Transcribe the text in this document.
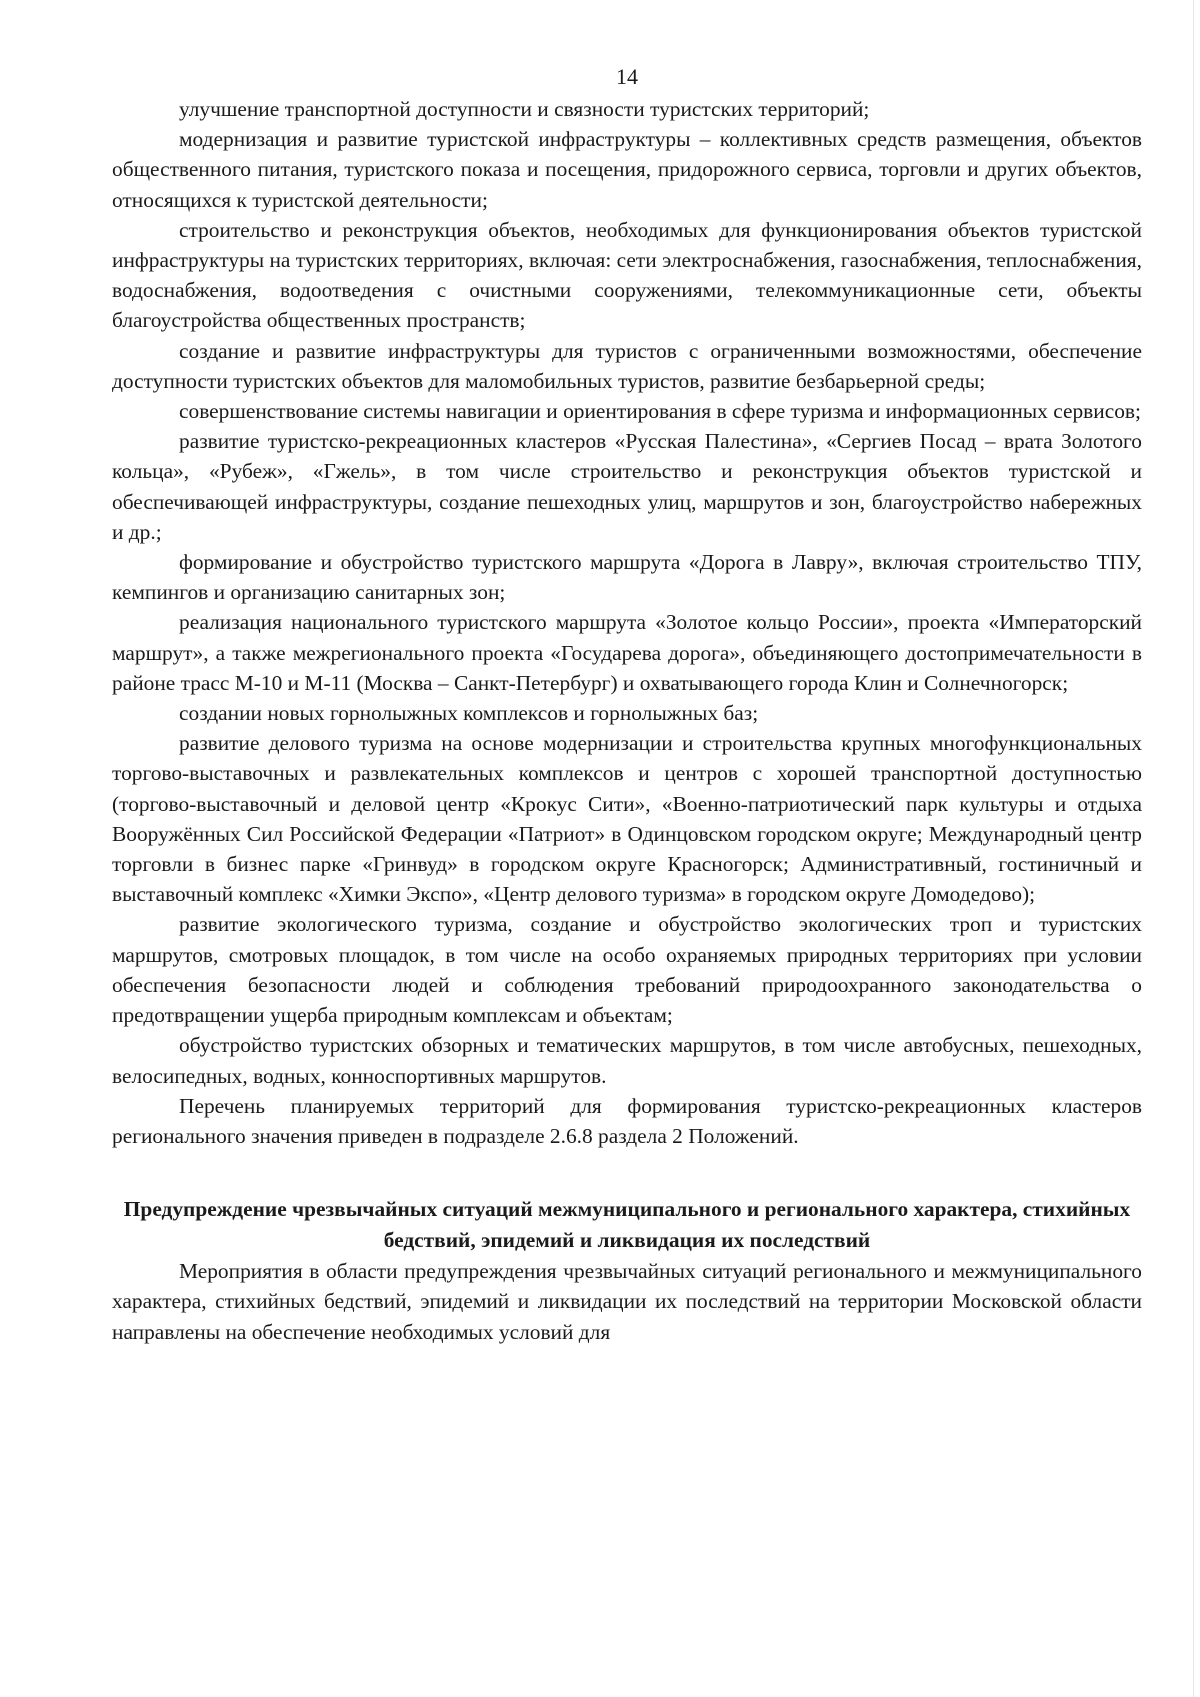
14

улучшение транспортной доступности и связности туристских территорий;

модернизация и развитие туристской инфраструктуры – коллективных средств размещения, объектов общественного питания, туристского показа и посещения, придорожного сервиса, торговли и других объектов, относящихся к туристской деятельности;

строительство и реконструкция объектов, необходимых для функционирования объектов туристской инфраструктуры на туристских территориях, включая: сети электроснабжения, газоснабжения, теплоснабжения, водоснабжения, водоотведения с очистными сооружениями, телекоммуникационные сети, объекты благоустройства общественных пространств;

создание и развитие инфраструктуры для туристов с ограниченными возможностями, обеспечение доступности туристских объектов для маломобильных туристов, развитие безбарьерной среды;

совершенствование системы навигации и ориентирования в сфере туризма и информационных сервисов;

развитие туристско-рекреационных кластеров «Русская Палестина», «Сергиев Посад – врата Золотого кольца», «Рубеж», «Гжель», в том числе строительство и реконструкция объектов туристской и обеспечивающей инфраструктуры, создание пешеходных улиц, маршрутов и зон, благоустройство набережных и др.;

формирование и обустройство туристского маршрута «Дорога в Лавру», включая строительство ТПУ, кемпингов и организацию санитарных зон;

реализация национального туристского маршрута «Золотое кольцо России», проекта «Императорский маршрут», а также межрегионального проекта «Государева дорога», объединяющего достопримечательности в районе трасс М-10 и М-11 (Москва – Санкт-Петербург) и охватывающего города Клин и Солнечногорск;

создании новых горнолыжных комплексов и горнолыжных баз;

развитие делового туризма на основе модернизации и строительства крупных многофункциональных торгово-выставочных и развлекательных комплексов и центров с хорошей транспортной доступностью (торгово-выставочный и деловой центр «Крокус Сити», «Военно-патриотический парк культуры и отдыха Вооружённых Сил Российской Федерации «Патриот» в Одинцовском городском округе; Международный центр торговли в бизнес парке «Гринвуд» в городском округе Красногорск; Административный, гостиничный и выставочный комплекс «Химки Экспо», «Центр делового туризма» в городском округе Домодедово);

развитие экологического туризма, создание и обустройство экологических троп и туристских маршрутов, смотровых площадок, в том числе на особо охраняемых природных территориях при условии обеспечения безопасности людей и соблюдения требований природоохранного законодательства о предотвращении ущерба природным комплексам и объектам;

обустройство туристских обзорных и тематических маршрутов, в том числе автобусных, пешеходных, велосипедных, водных, конноспортивных маршрутов.

Перечень планируемых территорий для формирования туристско-рекреационных кластеров регионального значения приведен в подразделе 2.6.8 раздела 2 Положений.

Предупреждение чрезвычайных ситуаций межмуниципального и регионального характера, стихийных бедствий, эпидемий и ликвидация их последствий

Мероприятия в области предупреждения чрезвычайных ситуаций регионального и межмуниципального характера, стихийных бедствий, эпидемий и ликвидации их последствий на территории Московской области направлены на обеспечение необходимых условий для
